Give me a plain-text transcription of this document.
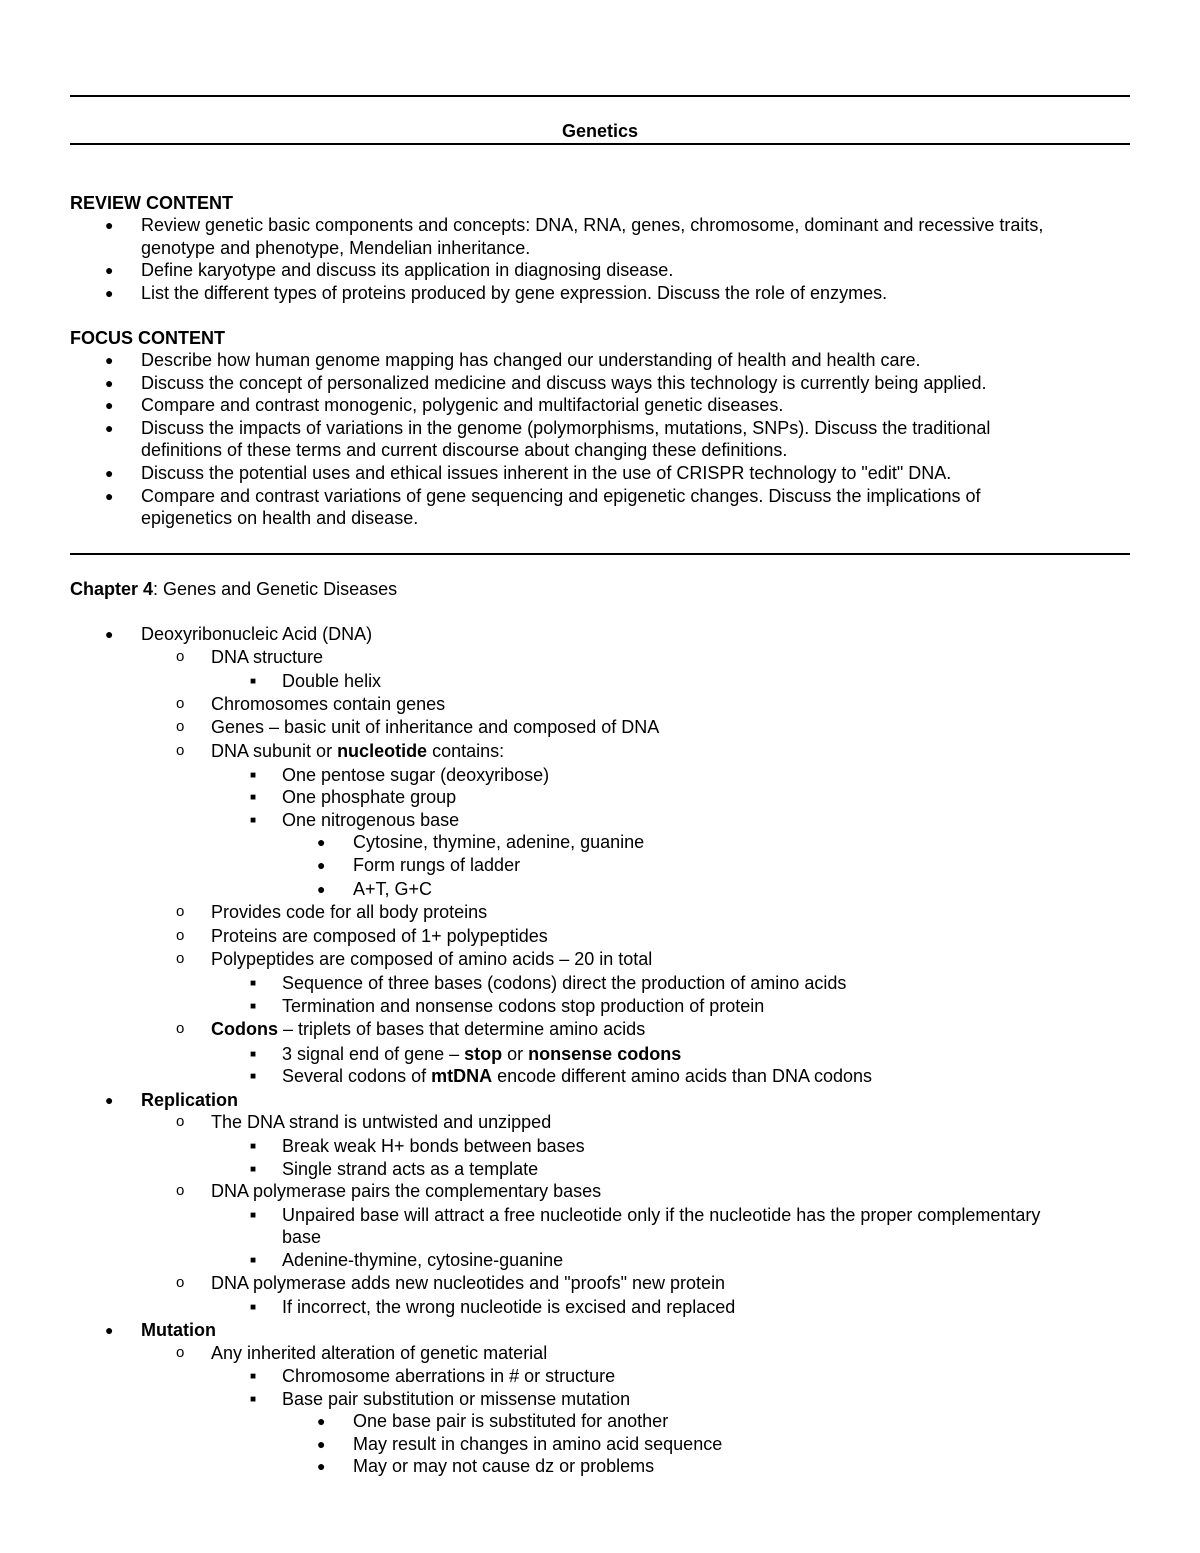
Genetics
REVIEW CONTENT
● Review genetic basic components and concepts: DNA, RNA, genes, chromosome, dominant and recessive traits,
genotype and phenotype, Mendelian inheritance.
● Define karyotype and discuss its application in diagnosing disease.
● List the different types of proteins produced by gene expression. Discuss the role of enzymes.
FOCUS CONTENT
● Describe how human genome mapping has changed our understanding of health and health care.
● Discuss the concept of personalized medicine and discuss ways this technology is currently being applied.
● Compare and contrast monogenic, polygenic and multifactorial genetic diseases.
● Discuss the impacts of variations in the genome (polymorphisms, mutations, SNPs). Discuss the traditional
definitions of these terms and current discourse about changing these definitions.
● Discuss the potential uses and ethical issues inherent in the use of CRISPR technology to "edit" DNA.
● Compare and contrast variations of gene sequencing and epigenetic changes. Discuss the implications of
epigenetics on health and disease.
Chapter 4: Genes and Genetic Diseases
● Deoxyribonucleic Acid (DNA)
o DNA structure
■ Double helix
o Chromosomes contain genes
o Genes – basic unit of inheritance and composed of DNA
o DNA subunit or nucleotide contains:
■ One pentose sugar (deoxyribose)
■ One phosphate group
■ One nitrogenous base
● Cytosine, thymine, adenine, guanine
● Form rungs of ladder
● A+T, G+C
o Provides code for all body proteins
o Proteins are composed of 1+ polypeptides
o Polypeptides are composed of amino acids – 20 in total
■ Sequence of three bases (codons) direct the production of amino acids
■ Termination and nonsense codons stop production of protein
o Codons – triplets of bases that determine amino acids
■ 3 signal end of gene – stop or nonsense codons
■ Several codons of mtDNA encode different amino acids than DNA codons
● Replication
o The DNA strand is untwisted and unzipped
■ Break weak H+ bonds between bases
■ Single strand acts as a template
o DNA polymerase pairs the complementary bases
■ Unpaired base will attract a free nucleotide only if the nucleotide has the proper complementary
base
■ Adenine-thymine, cytosine-guanine
o DNA polymerase adds new nucleotides and "proofs" new protein
■ If incorrect, the wrong nucleotide is excised and replaced
● Mutation
o Any inherited alteration of genetic material
■ Chromosome aberrations in # or structure
■ Base pair substitution or missense mutation
● One base pair is substituted for another
● May result in changes in amino acid sequence
● May or may not cause dz or problems
